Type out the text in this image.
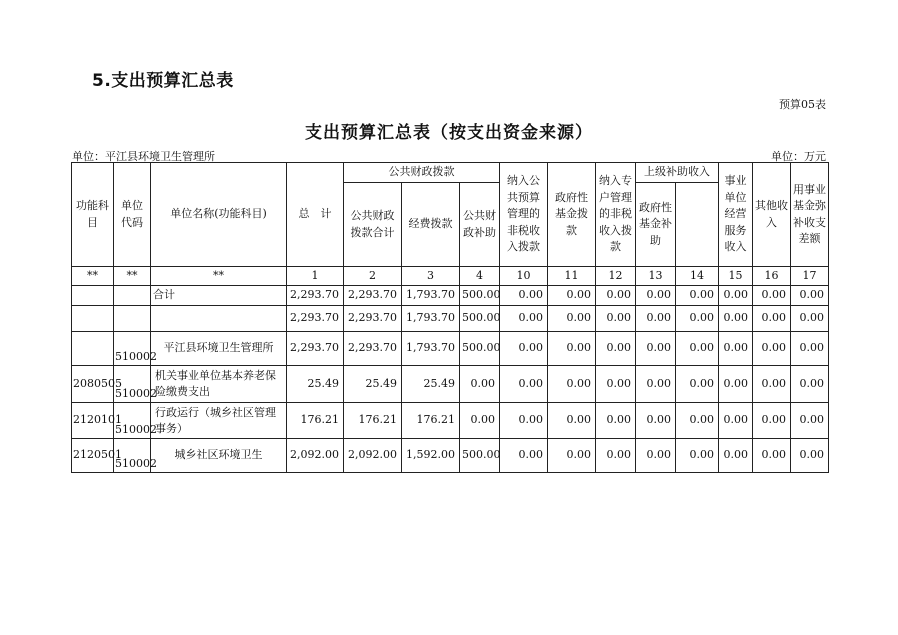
5.支出预算汇总表
预算05表
支出预算汇总表（按支出资金来源）
单位：平江县环境卫生管理所	单位：万元
功能科目	单位代码	单位名称(功能科目)	总　计	公共财政拨款			纳入公共预算管理的非税收入拨款	政府性基金拨款	纳入专户管理的非税收入拨款	上级补助收入		事业单位经营服务收入	其他收入	用事业基金弥补收支差额	
				公共财政拨款合计	经费拨款	公共财政补助				政府性基金补助					
**	**	**	1	2	3	4	10	11	12	13	14	15	16	17	
		合计	2,293.70	2,293.70	1,793.70	500.00	0.00	0.00	0.00	0.00	0.00	0.00	0.00	0.00	
			2,293.70	2,293.70	1,793.70	500.00	0.00	0.00	0.00	0.00	0.00	0.00	0.00	0.00	
	510002	平江县环境卫生管理所	2,293.70	2,293.70	1,793.70	500.00	0.00	0.00	0.00	0.00	0.00	0.00	0.00	0.00	
2080505	510002	机关事业单位基本养老保险缴费支出	25.49	25.49	25.49	0.00	0.00	0.00	0.00	0.00	0.00	0.00	0.00	0.00	
2120101	510002	行政运行（城乡社区管理事务）	176.21	176.21	176.21	0.00	0.00	0.00	0.00	0.00	0.00	0.00	0.00	0.00	
2120501	510002	城乡社区环境卫生	2,092.00	2,092.00	1,592.00	500.00	0.00	0.00	0.00	0.00	0.00	0.00	0.00	0.00	
